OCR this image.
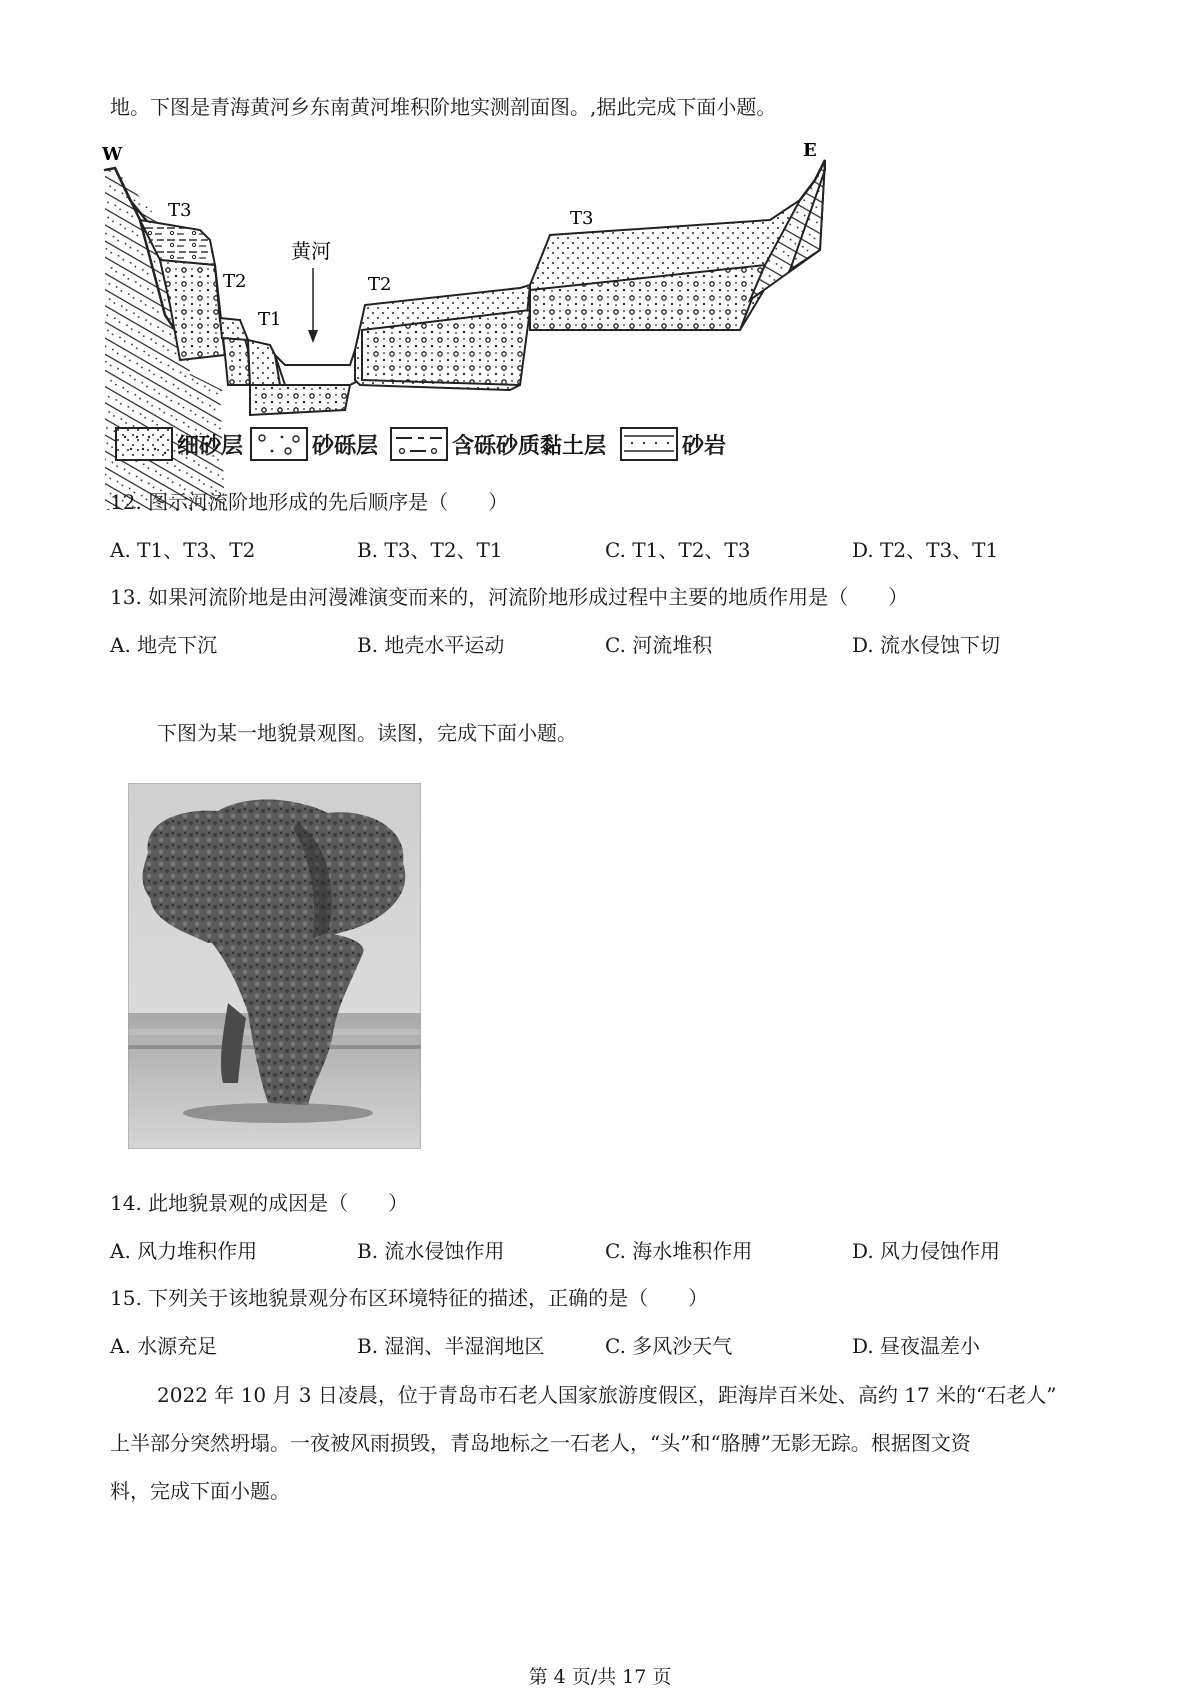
地。下图是青海黄河乡东南黄河堆积阶地实测剖面图。,据此完成下面小题。
W	E
T3
T2
T1
黄河
T2
T3
细砂层	砂砾层	含砾砂质黏土层	砂岩
12. 图示河流阶地形成的先后顺序是（　　）
A. T1、T3、T2	B. T3、T2、T1	C. T1、T2、T3	D. T2、T3、T1
13. 如果河流阶地是由河漫滩演变而来的，河流阶地形成过程中主要的地质作用是（　　）
A. 地壳下沉	B. 地壳水平运动	C. 河流堆积	D. 流水侵蚀下切
下图为某一地貌景观图。读图，完成下面小题。
14. 此地貌景观的成因是（　　）
A. 风力堆积作用	B. 流水侵蚀作用	C. 海水堆积作用	D. 风力侵蚀作用
15. 下列关于该地貌景观分布区环境特征的描述，正确的是（　　）
A. 水源充足	B. 湿润、半湿润地区	C. 多风沙天气	D. 昼夜温差小
2022 年 10 月 3 日凌晨，位于青岛市石老人国家旅游度假区，距海岸百米处、高约 17 米的“石老人”
上半部分突然坍塌。一夜被风雨损毁，青岛地标之一石老人，“头”和“胳膊”无影无踪。根据图文资
料，完成下面小题。
第 4 页/共 17 页
